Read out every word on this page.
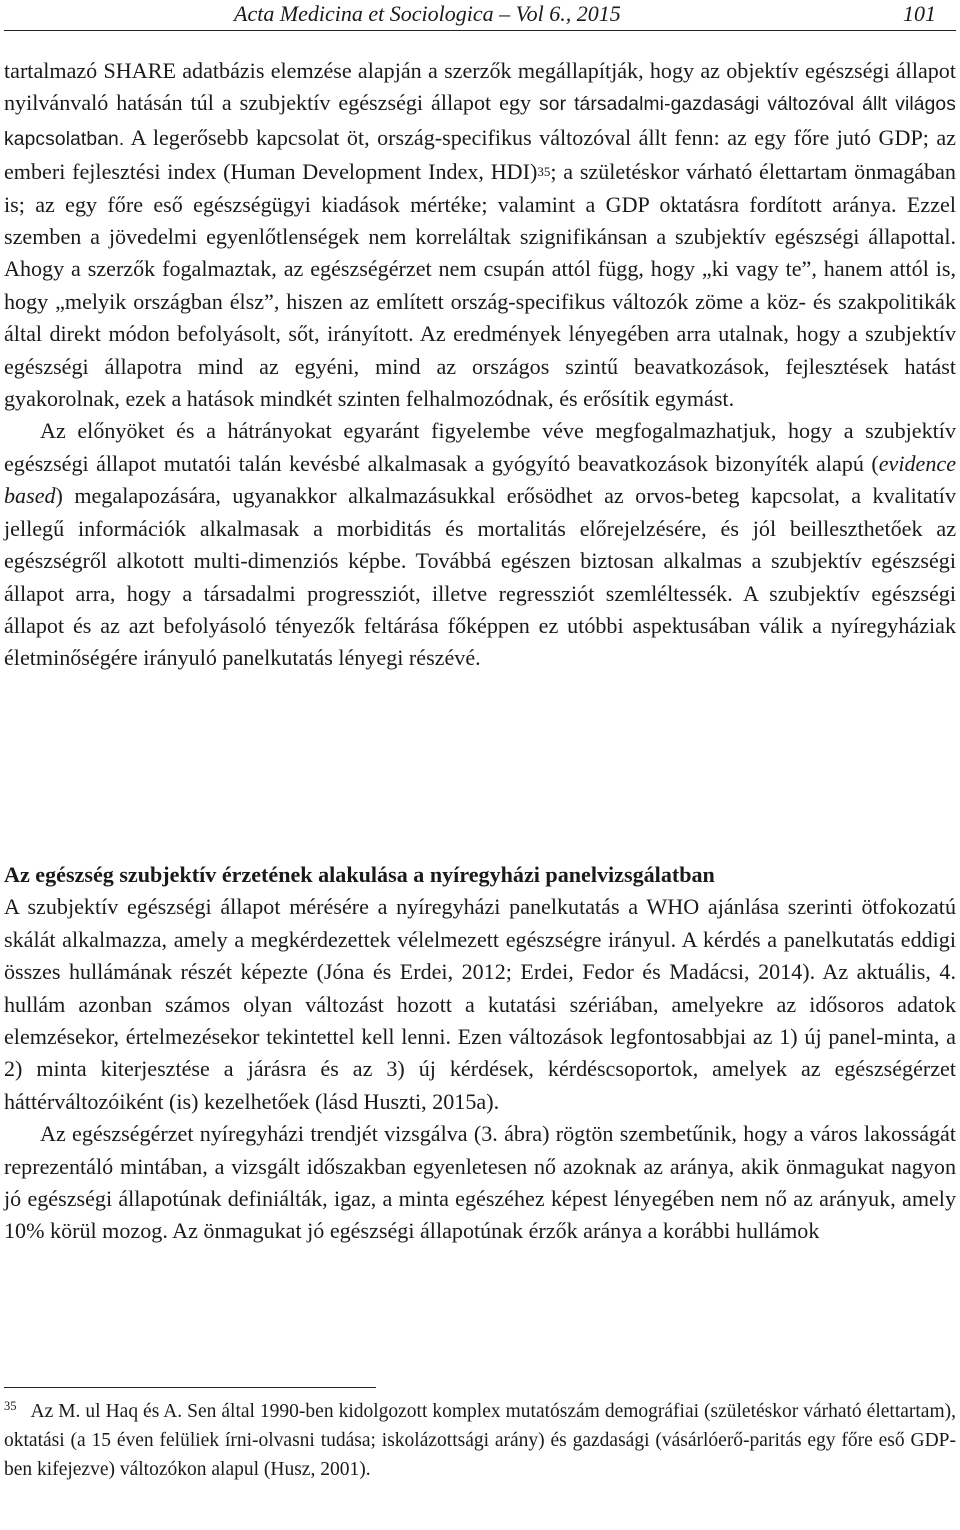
Acta Medicina et Sociologica – Vol 6., 2015	101

tartalmazó SHARE adatbázis elemzése alapján a szerzők megállapítják, hogy az objektív egészségi állapot nyilvánvaló hatásán túl a szubjektív egészségi állapot egy sor társadalmi-gazdasági változóval állt világos kapcsolatban. A legerősebb kapcsolat öt, ország-specifikus változóval állt fenn: az egy főre jutó GDP; az emberi fejlesztési index (Human Development Index, HDI)$^{35}$; a születéskor várható élettartam önmagában is; az egy főre eső egészségügyi kiadások mértéke; valamint a GDP oktatásra fordított aránya. Ezzel szemben a jövedelmi egyenlőtlenségek nem korreláltak szignifikánsan a szubjektív egészségi állapottal. Ahogy a szerzők fogalmaztak, az egészségérzet nem csupán attól függ, hogy „ki vagy te”, hanem attól is, hogy „melyik országban élsz”, hiszen az említett ország-specifikus változók zöme a köz- és szakpolitikák által direkt módon befolyásolt, sőt, irányított. Az eredmények lényegében arra utalnak, hogy a szubjektív egészségi állapotra mind az egyéni, mind az országos szintű beavatkozások, fejlesztések hatást gyakorolnak, ezek a hatások mindkét szinten felhalmozódnak, és erősítik egymást.

Az előnyöket és a hátrányokat egyaránt figyelembe véve megfogalmazhatjuk, hogy a szubjektív egészségi állapot mutatói talán kevésbé alkalmasak a gyógyító beavatkozások bizonyíték alapú (evidence based) megalapozására, ugyanakkor alkalmazásukkal erősödhet az orvos-beteg kapcsolat, a kvalitatív jellegű információk alkalmasak a morbiditás és mortalitás előrejelzésére, és jól beilleszthetőek az egészségről alkotott multi-dimenziós képbe. Továbbá egészen biztosan alkalmas a szubjektív egészségi állapot arra, hogy a társadalmi progressziót, illetve regressziót szemléltessék. A szubjektív egészségi állapot és az azt befolyásoló tényezők feltárása főképpen ez utóbbi aspektusában válik a nyíregyháziak életminőségére irányuló panelkutatás lényegi részévé.

Az egészség szubjektív érzetének alakulása a nyíregyházi panelvizsgálatban

A szubjektív egészségi állapot mérésére a nyíregyházi panelkutatás a WHO ajánlása szerinti ötfokozatú skálát alkalmazza, amely a megkérdezettek vélelmezett egészségre irányul. A kérdés a panelkutatás eddigi összes hullámának részét képezte (Jóna és Erdei, 2012; Erdei, Fedor és Madácsi, 2014). Az aktuális, 4. hullám azonban számos olyan változást hozott a kutatási szériában, amelyekre az idősoros adatok elemzésekor, értelmezésekor tekintettel kell lenni. Ezen változások legfontosabbjai az 1) új panel-minta, a 2) minta kiterjesztése a járásra és az 3) új kérdések, kérdéscsoportok, amelyek az egészségérzet háttérváltozóiként (is) kezelhetőek (lásd Huszti, 2015a).

Az egészségérzet nyíregyházi trendjét vizsgálva (3. ábra) rögtön szembetűnik, hogy a város lakosságát reprezentáló mintában, a vizsgált időszakban egyenletesen nő azoknak az aránya, akik önmagukat nagyon jó egészségi állapotúnak definiálták, igaz, a minta egészéhez képest lényegében nem nő az arányuk, amely 10% körül mozog. Az önmagukat jó egészségi állapotúnak érzők aránya a korábbi hullámok

$^{35}$ Az M. ul Haq és A. Sen által 1990-ben kidolgozott komplex mutatószám demográfiai (születéskor várható élettartam), oktatási (a 15 éven felüliek írni-olvasni tudása; iskolázottsági arány) és gazdasági (vásárlóerő-paritás egy főre eső GDP-ben kifejezve) változókon alapul (Husz, 2001).
